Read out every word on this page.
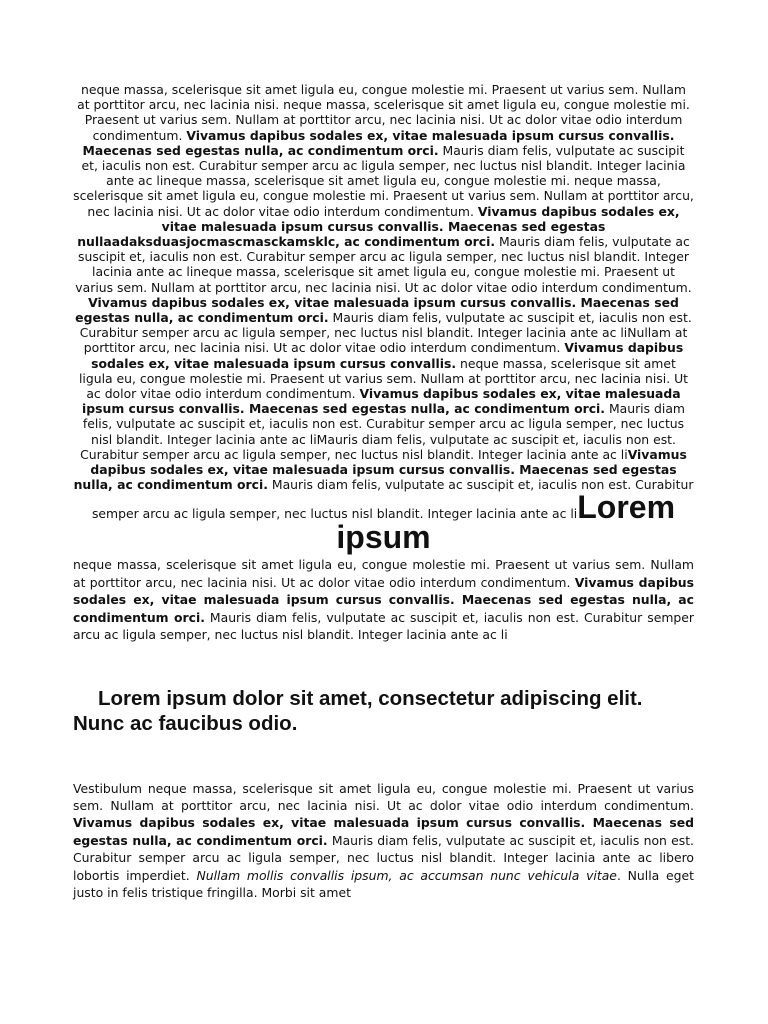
neque massa, scelerisque sit amet ligula eu, congue molestie mi. Praesent ut varius sem. Nullam at porttitor arcu, nec lacinia nisi. neque massa, scelerisque sit amet ligula eu, congue molestie mi. Praesent ut varius sem. Nullam at porttitor arcu, nec lacinia nisi. Ut ac dolor vitae odio interdum condimentum. Vivamus dapibus sodales ex, vitae malesuada ipsum cursus convallis. Maecenas sed egestas nulla, ac condimentum orci. Mauris diam felis, vulputate ac suscipit et, iaculis non est. Curabitur semper arcu ac ligula semper, nec luctus nisl blandit. Integer lacinia ante ac lineque massa, scelerisque sit amet ligula eu, congue molestie mi. neque massa, scelerisque sit amet ligula eu, congue molestie mi. Praesent ut varius sem. Nullam at porttitor arcu, nec lacinia nisi. Ut ac dolor vitae odio interdum condimentum. Vivamus dapibus sodales ex, vitae malesuada ipsum cursus convallis. Maecenas sed egestas nullaadaksduasjocmascmasckamsklc, ac condimentum orci. Mauris diam felis, vulputate ac suscipit et, iaculis non est. Curabitur semper arcu ac ligula semper, nec luctus nisl blandit. Integer lacinia ante ac lineque massa, scelerisque sit amet ligula eu, congue molestie mi. Praesent ut varius sem. Nullam at porttitor arcu, nec lacinia nisi. Ut ac dolor vitae odio interdum condimentum. Vivamus dapibus sodales ex, vitae malesuada ipsum cursus convallis. Maecenas sed egestas nulla, ac condimentum orci. Mauris diam felis, vulputate ac suscipit et, iaculis non est. Curabitur semper arcu ac ligula semper, nec luctus nisl blandit. Integer lacinia ante ac liNullam at porttitor arcu, nec lacinia nisi. Ut ac dolor vitae odio interdum condimentum. Vivamus dapibus sodales ex, vitae malesuada ipsum cursus convallis. neque massa, scelerisque sit amet ligula eu, congue molestie mi. Praesent ut varius sem. Nullam at porttitor arcu, nec lacinia nisi. Ut ac dolor vitae odio interdum condimentum. Vivamus dapibus sodales ex, vitae malesuada ipsum cursus convallis. Maecenas sed egestas nulla, ac condimentum orci. Mauris diam felis, vulputate ac suscipit et, iaculis non est. Curabitur semper arcu ac ligula semper, nec luctus nisl blandit. Integer lacinia ante ac liMauris diam felis, vulputate ac suscipit et, iaculis non est. Curabitur semper arcu ac ligula semper, nec luctus nisl blandit. Integer lacinia ante ac liVivamus dapibus sodales ex, vitae malesuada ipsum cursus convallis. Maecenas sed egestas nulla, ac condimentum orci. Mauris diam felis, vulputate ac suscipit et, iaculis non est. Curabitur semper arcu ac ligula semper, nec luctus nisl blandit. Integer lacinia ante ac liLorem ipsum

neque massa, scelerisque sit amet ligula eu, congue molestie mi. Praesent ut varius sem. Nullam at porttitor arcu, nec lacinia nisi. Ut ac dolor vitae odio interdum condimentum. Vivamus dapibus sodales ex, vitae malesuada ipsum cursus convallis. Maecenas sed egestas nulla, ac condimentum orci. Mauris diam felis, vulputate ac suscipit et, iaculis non est. Curabitur semper arcu ac ligula semper, nec luctus nisl blandit. Integer lacinia ante ac li

Lorem ipsum dolor sit amet, consectetur adipiscing elit. Nunc ac faucibus odio.

Vestibulum neque massa, scelerisque sit amet ligula eu, congue molestie mi. Praesent ut varius sem. Nullam at porttitor arcu, nec lacinia nisi. Ut ac dolor vitae odio interdum condimentum. Vivamus dapibus sodales ex, vitae malesuada ipsum cursus convallis. Maecenas sed egestas nulla, ac condimentum orci. Mauris diam felis, vulputate ac suscipit et, iaculis non est. Curabitur semper arcu ac ligula semper, nec luctus nisl blandit. Integer lacinia ante ac libero lobortis imperdiet. Nullam mollis convallis ipsum, ac accumsan nunc vehicula vitae. Nulla eget justo in felis tristique fringilla. Morbi sit amet
